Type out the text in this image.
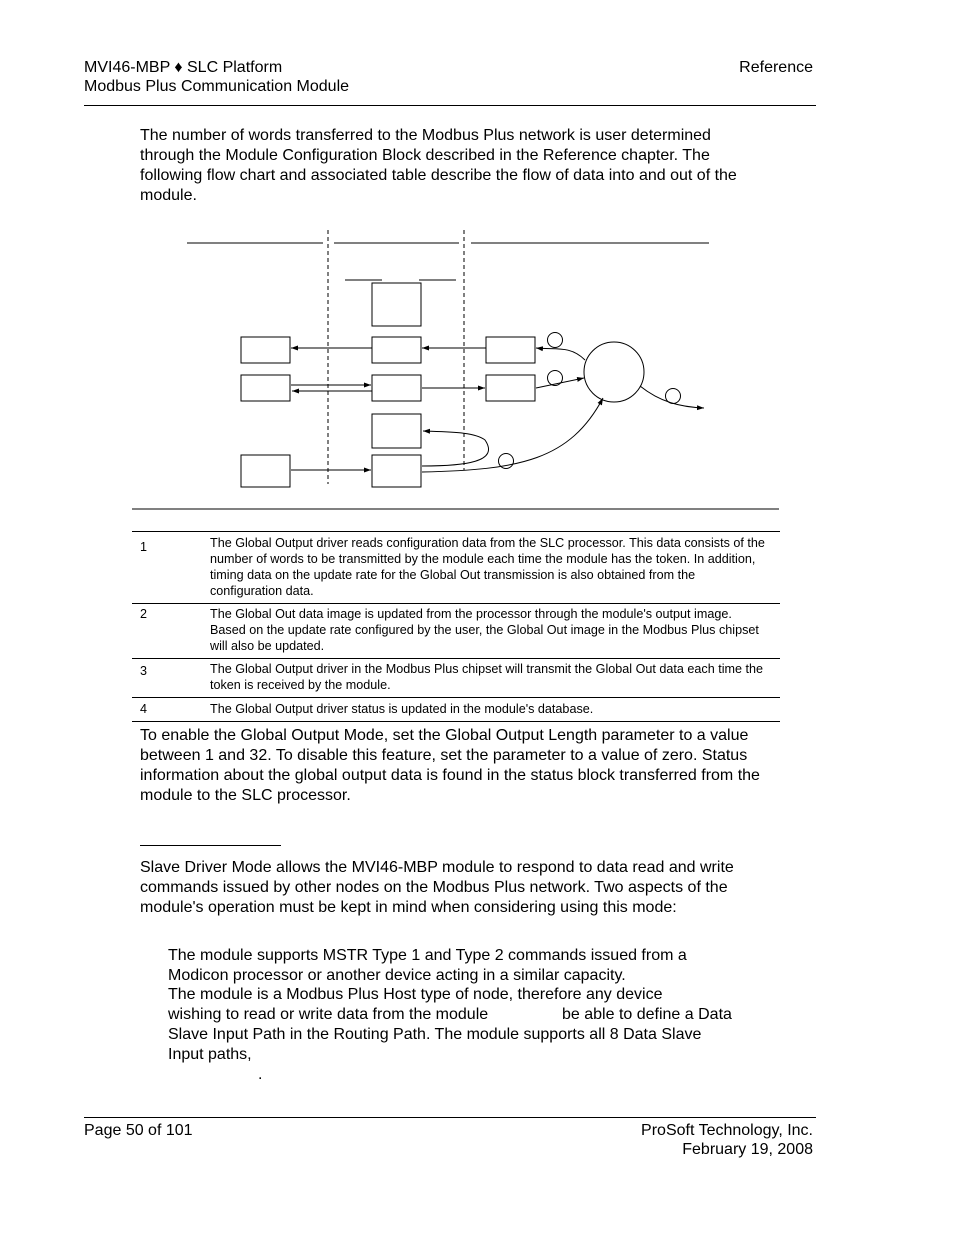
MVI46-MBP ♦ SLC Platform
Modbus Plus Communication Module
Reference
The number of words transferred to the Modbus Plus network is user determined through the Module Configuration Block described in the Reference chapter. The following flow chart and associated table describe the flow of data into and out of the module.
1	The Global Output driver reads configuration data from the SLC processor. This data consists of the number of words to be transmitted by the module each time the module has the token. In addition, timing data on the update rate for the Global Out transmission is also obtained from the configuration data.
2	The Global Out data image is updated from the processor through the module's output image. Based on the update rate configured by the user, the Global Out image in the Modbus Plus chipset will also be updated.
3	The Global Output driver in the Modbus Plus chipset will transmit the Global Out data each time the token is received by the module.
4	The Global Output driver status is updated in the module's database.
To enable the Global Output Mode, set the Global Output Length parameter to a value between 1 and 32. To disable this feature, set the parameter to a value of zero. Status information about the global output data is found in the status block transferred from the module to the SLC processor.
Slave Driver Mode allows the MVI46-MBP module to respond to data read and write commands issued by other nodes on the Modbus Plus network. Two aspects of the module's operation must be kept in mind when considering using this mode:
The module supports MSTR Type 1 and Type 2 commands issued from a Modicon processor or another device acting in a similar capacity.
The module is a Modbus Plus Host type of node, therefore any device
wishing to read or write data from the module	be able to define a Data
Slave Input Path in the Routing Path. The module supports all 8 Data Slave
Input paths,
.
Page 50 of 101	ProSoft Technology, Inc.
February 19, 2008
